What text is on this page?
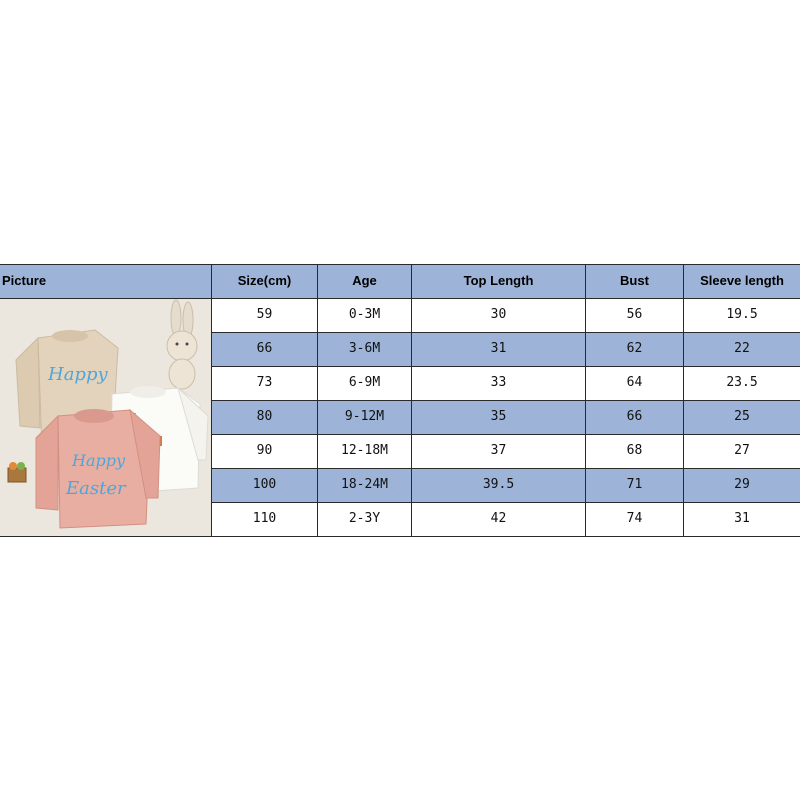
Picture	Size(cm)	Age	Top Length	Bust	Sleeve length
Happy
Happy
Easter
59	0-3M	30	56	19.5
66	3-6M	31	62	22
73	6-9M	33	64	23.5
80	9-12M	35	66	25
90	12-18M	37	68	27
100	18-24M	39.5	71	29
110	2-3Y	42	74	31
